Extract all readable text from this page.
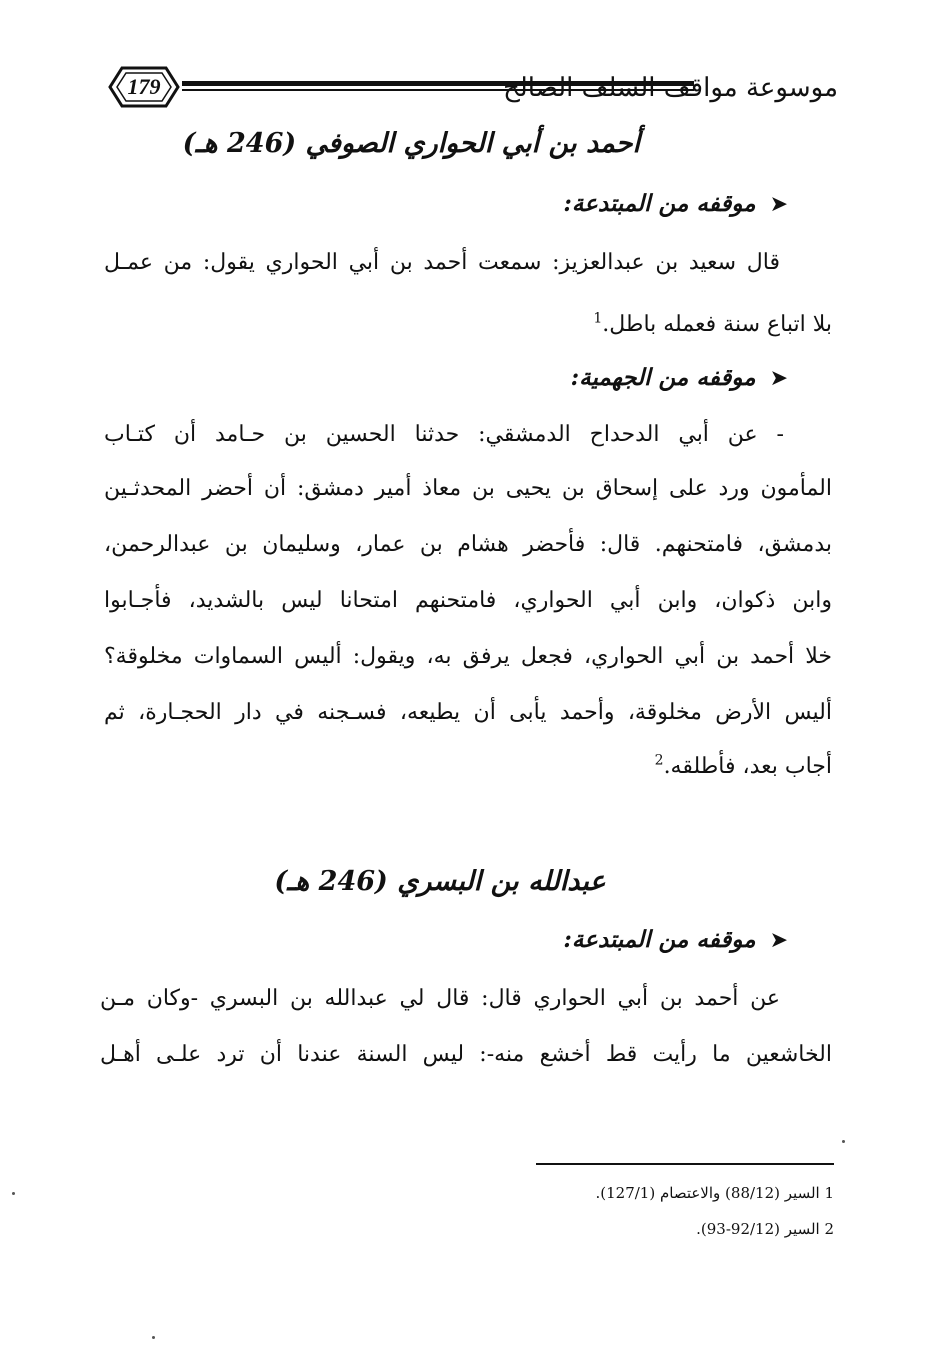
179	موسوعة مواقف السلف الصالح
أحمد بن أبي الحواري الصوفي (246 هـ)
➤موقفه من المبتدعة:
قال سعيد بن عبدالعزيز: سمعت أحمد بن أبي الحواري يقول: من عمـل
بلا اتباع سنة فعمله باطل.$^1$
➤موقفه من الجهمية:
- عن أبي الدحداح الدمشقي: حدثنا الحسين بن حـامد أن كتـاب
المأمون ورد على إسحاق بن يحيى بن معاذ أمير دمشق: أن أحضر المحدثـين
بدمشق، فامتحنهم. قال: فأحضر هشام بن عمار، وسليمان بن عبدالرحمن،
وابن ذكوان، وابن أبي الحواري، فامتحنهم امتحانا ليس بالشديد، فأجـابوا
خلا أحمد بن أبي الحواري، فجعل يرفق به، ويقول: أليس السماوات مخلوقة؟
أليس الأرض مخلوقة، وأحمد يأبى أن يطيعه، فسـجنه في دار الحجـارة، ثم
أجاب بعد، فأطلقه.$^2$
عبدالله بن البسري (246 هـ)
➤موقفه من المبتدعة:
عن أحمد بن أبي الحواري قال: قال لي عبدالله بن البسري -وكان مـن
الخاشعين ما رأيت قط أخشع منه-: ليس السنة عندنا أن ترد علـى أهـل
1 السير (88/12) والاعتصام (127/1).
2 السير (92/12-93).
